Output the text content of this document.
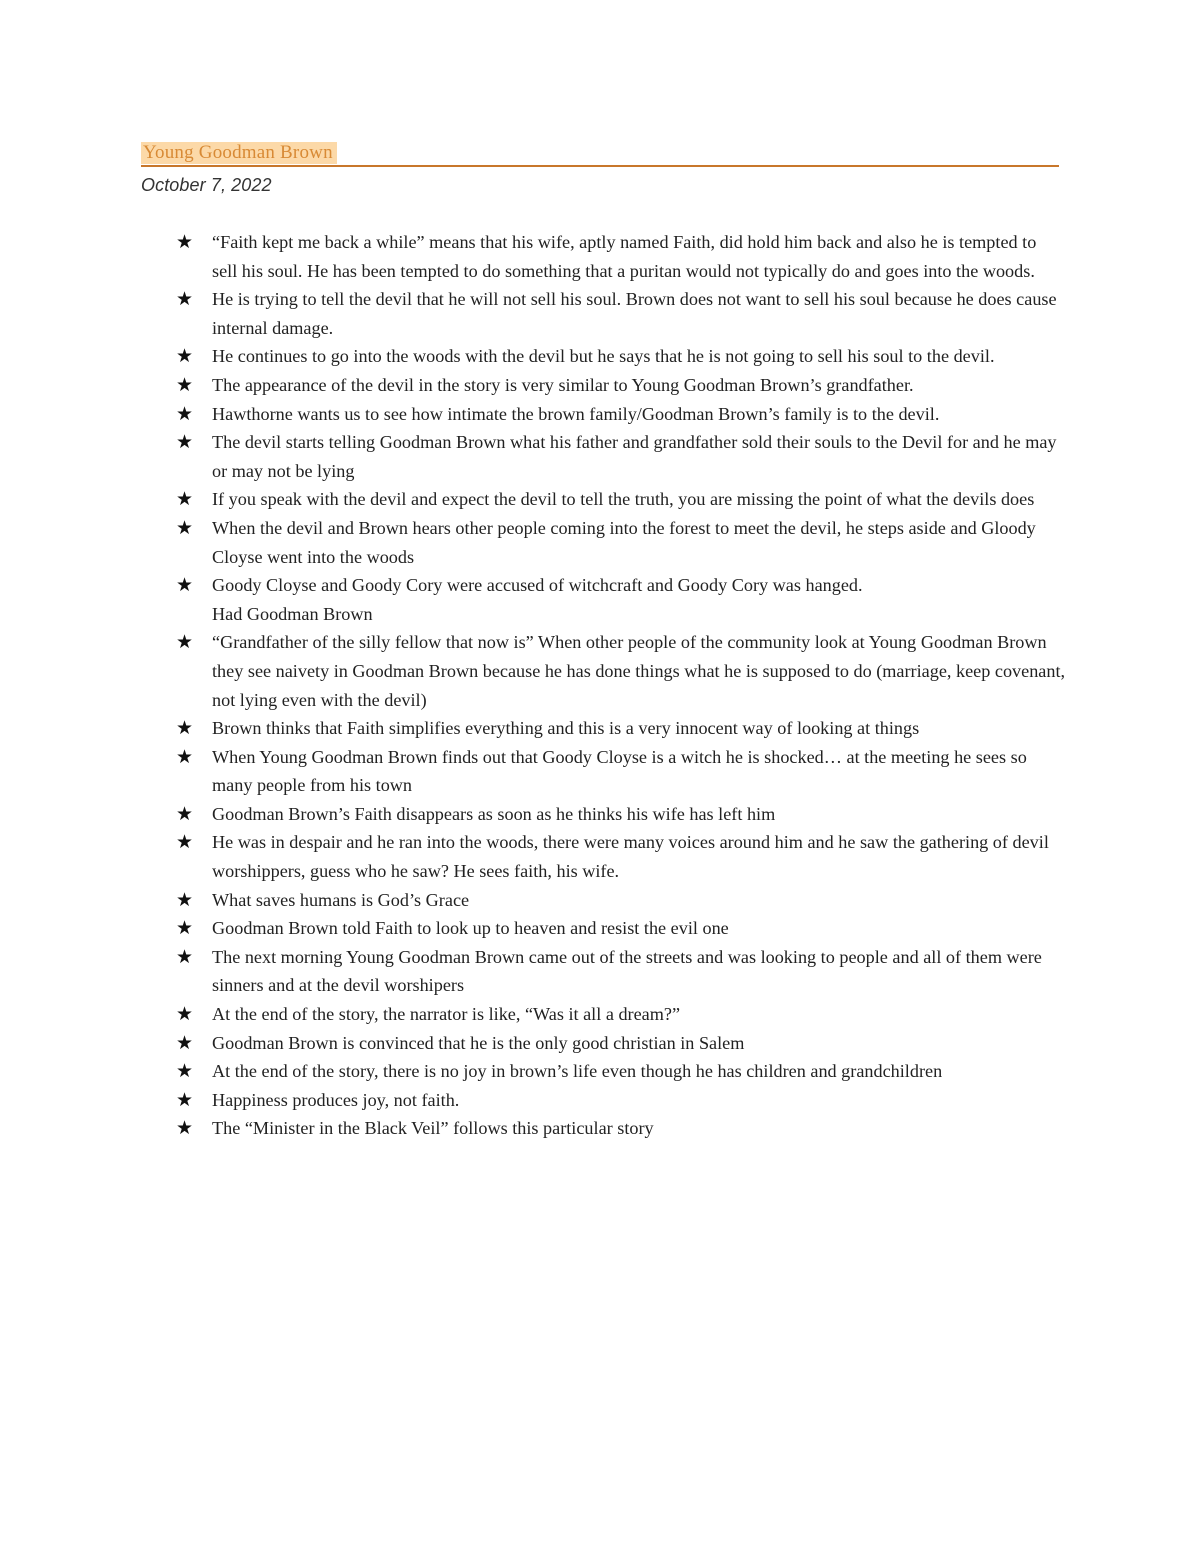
Young Goodman Brown
October 7, 2022
★ “Faith kept me back a while” means that his wife, aptly named Faith, did hold him back and also he is tempted to sell his soul. He has been tempted to do something that a puritan would not typically do and goes into the woods.
★ He is trying to tell the devil that he will not sell his soul. Brown does not want to sell his soul because he does cause internal damage.
★ He continues to go into the woods with the devil but he says that he is not going to sell his soul to the devil.
★ The appearance of the devil in the story is very similar to Young Goodman Brown’s grandfather.
★ Hawthorne wants us to see how intimate the brown family/Goodman Brown’s family is to the devil.
★ The devil starts telling Goodman Brown what his father and grandfather sold their souls to the Devil for and he may or may not be lying
★ If you speak with the devil and expect the devil to tell the truth, you are missing the point of what the devils does
★ When the devil and Brown hears other people coming into the forest to meet the devil, he steps aside and Gloody Cloyse went into the woods
★ Goody Cloyse and Goody Cory were accused of witchcraft and Goody Cory was hanged.
Had Goodman Brown
★ “Grandfather of the silly fellow that now is” When other people of the community look at Young Goodman Brown they see naivety in Goodman Brown because he has done things what he is supposed to do (marriage, keep covenant, not lying even with the devil)
★ Brown thinks that Faith simplifies everything and this is a very innocent way of looking at things
★ When Young Goodman Brown finds out that Goody Cloyse is a witch he is shocked… at the meeting he sees so many people from his town
★ Goodman Brown’s Faith disappears as soon as he thinks his wife has left him
★ He was in despair and he ran into the woods, there were many voices around him and he saw the gathering of devil worshippers, guess who he saw? He sees faith, his wife.
★ What saves humans is God’s Grace
★ Goodman Brown told Faith to look up to heaven and resist the evil one
★ The next morning Young Goodman Brown came out of the streets and was looking to people and all of them were sinners and at the devil worshipers
★ At the end of the story, the narrator is like, “Was it all a dream?”
★ Goodman Brown is convinced that he is the only good christian in Salem
★ At the end of the story, there is no joy in brown’s life even though he has children and grandchildren
★ Happiness produces joy, not faith.
★ The “Minister in the Black Veil” follows this particular story
